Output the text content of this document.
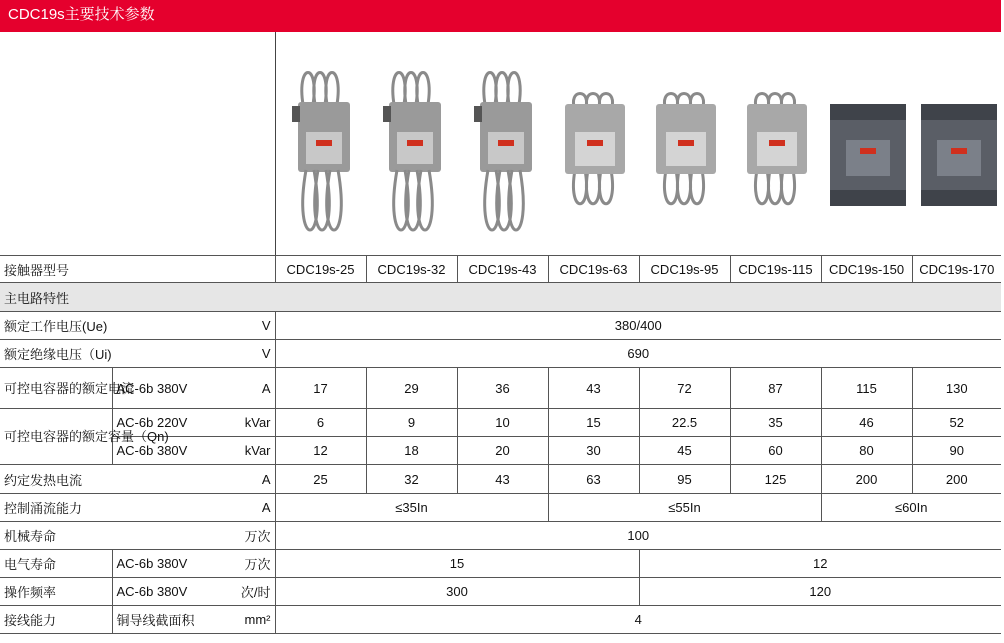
CDC19s主要技术参数
接触器型号			CDC19s-25	CDC19s-32	CDC19s-43	CDC19s-63	CDC19s-95	CDC19s-115	CDC19s-150	CDC19s-170
主电路特性										
额定工作电压(Ue)		V	380/400							
额定绝缘电压（Ui)		V	690							
可控电容器的额定电流	AC-6b 380V	A	17	29	36	43	72	87	115	130
可控电容器的额定容量（Qn)	AC-6b 220V	kVar	6	9	10	15	22.5	35	46	52
	AC-6b 380V	kVar	12	18	20	30	45	60	80	90
约定发热电流		A	25	32	43	63	95	125	200	200
控制涌流能力		A	≤35In			≤55In			≤60In	
机械寿命		万次	100							
电气寿命	AC-6b 380V	万次	15				12			
操作频率	AC-6b 380V	次/时	300				120			
接线能力	铜导线截面积	mm²	4							
